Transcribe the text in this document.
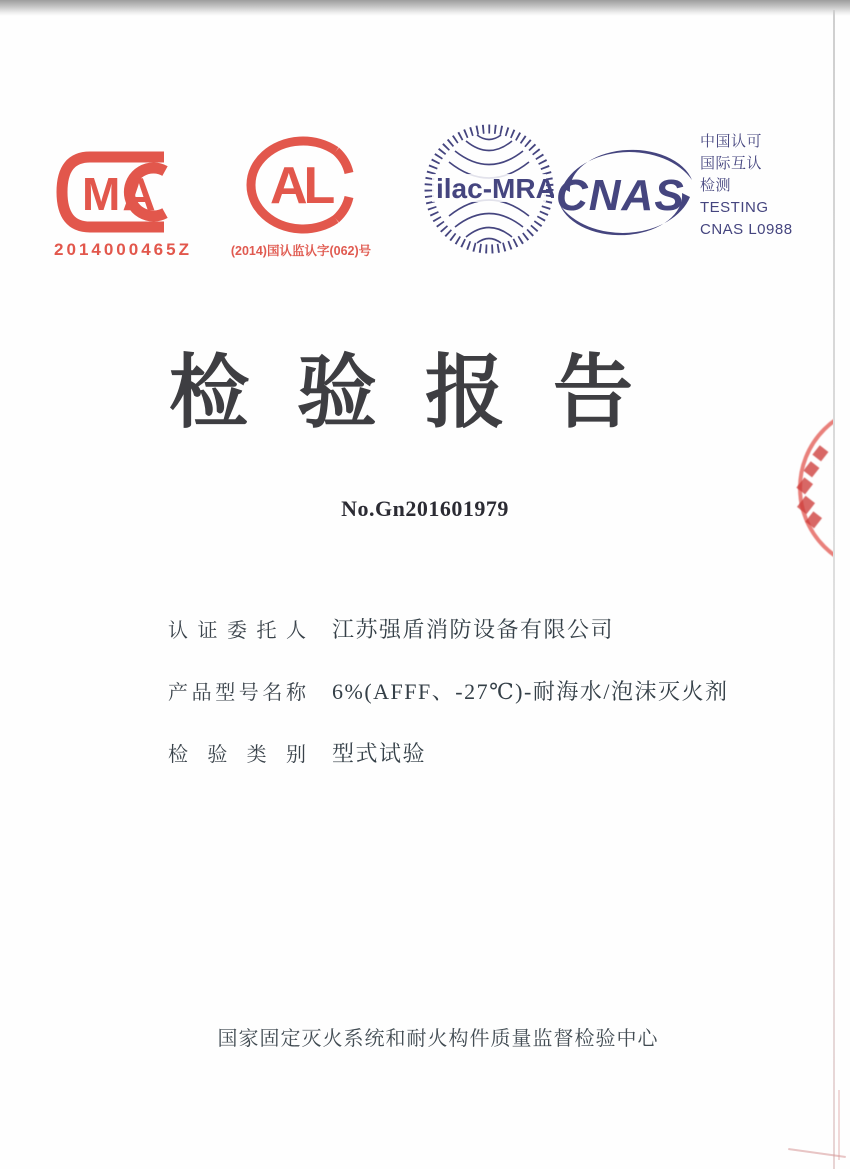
MA
2014000465Z
AL
(2014)国认监认字(062)号
ilac-MRA CNAS
中国认可
国际互认
检测
TESTING
CNAS L0988
检验报告
No.Gn201601979
认证委托人 江苏强盾消防设备有限公司
产品型号名称 6%(AFFF、-27℃)-耐海水/泡沫灭火剂
检验类别 型式试验
国家固定灭火系统和耐火构件质量监督检验中心
